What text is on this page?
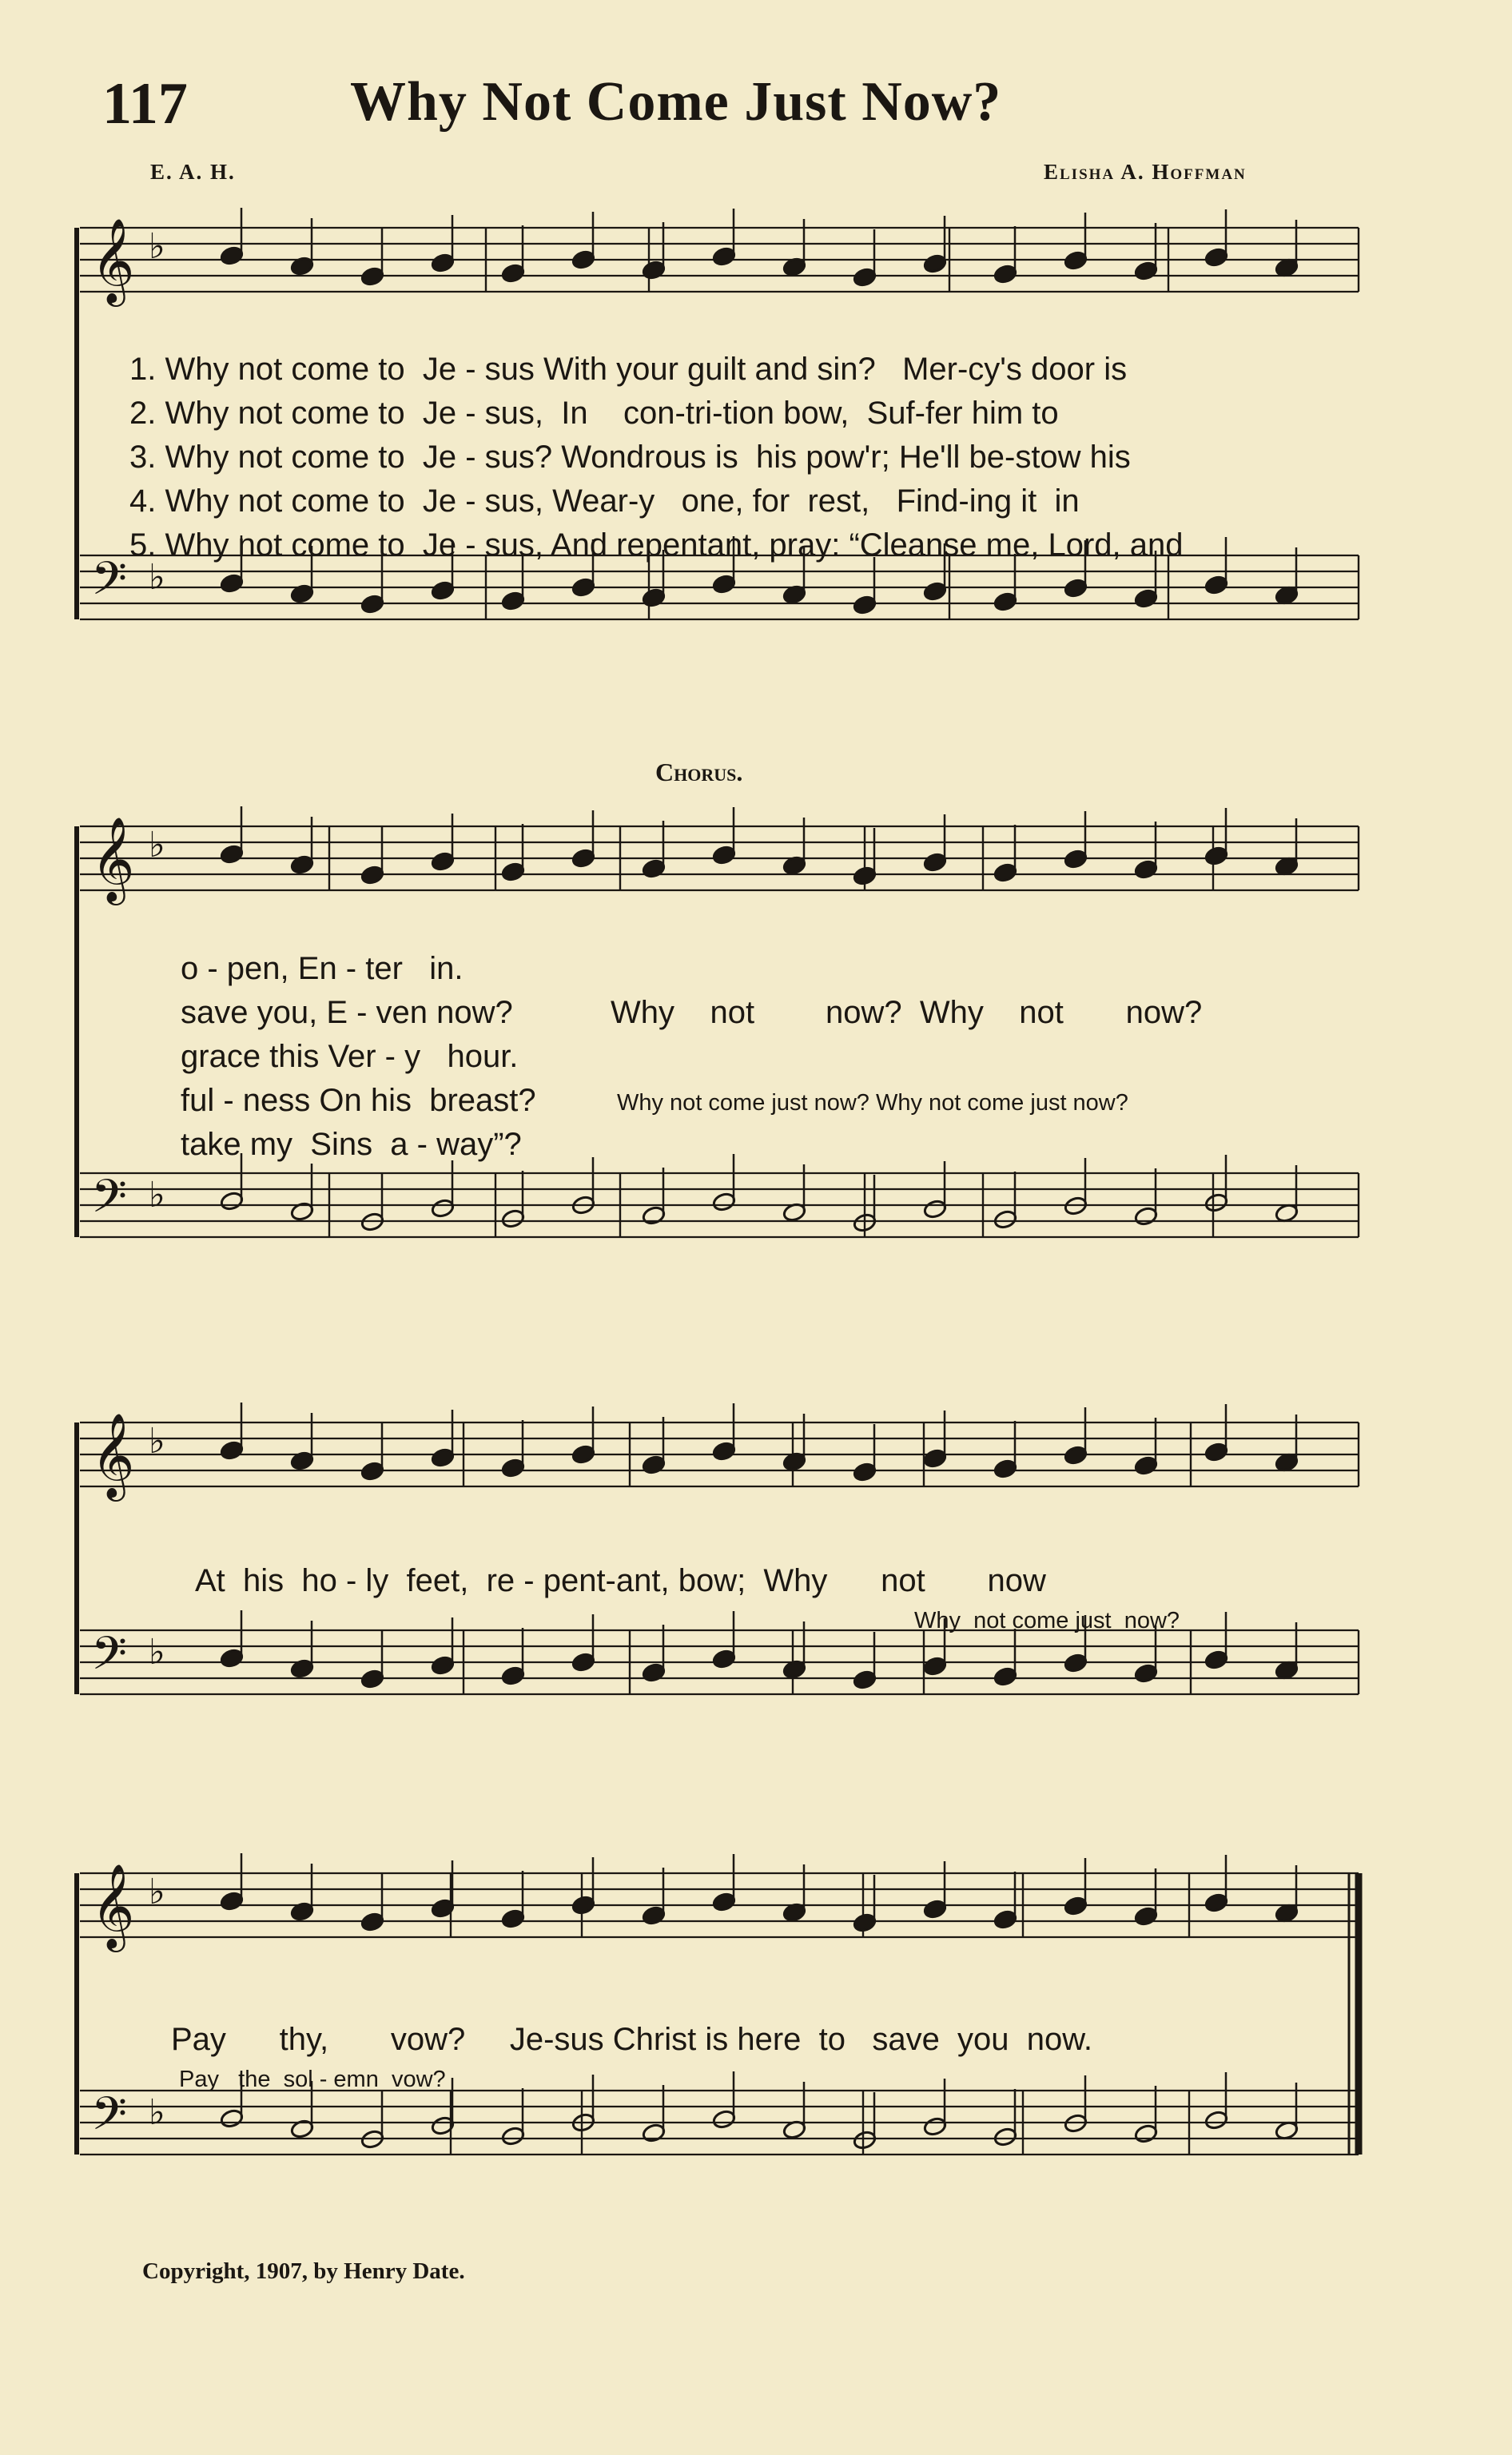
117	Why Not Come Just Now?
E. A. H.	Elisha A. Hoffman
𝄞
𝄢
♭
♭
𝄞
𝄢
♭
♭
𝄞
𝄢
♭
♭
𝄞
𝄢
♭
♭
1. Why not come to  Je - sus With your guilt and sin?   Mer-cy's door is
2. Why not come to  Je - sus,  In    con-tri-tion bow,  Suf-fer him to
3. Why not come to  Je - sus? Wondrous is  his pow'r; He'll be-stow his
4. Why not come to  Je - sus, Wear-y   one, for  rest,   Find-ing it  in
5. Why not come to  Je - sus, And repentant, pray: “Cleanse me, Lord, and
Chorus.
o - pen, En - ter   in.
save you, E - ven now?	Why    not        now?  Why    not       now?
grace this Ver - y   hour.
ful - ness On his  breast?	Why not come just now? Why not come just now?
take my  Sins  a - way”?
At  his  ho - ly  feet,  re - pent-ant, bow;  Why      not       now
Why  not come just  now?
Pay      thy,       vow?     Je-sus Christ is here  to   save  you  now.
Pay   the  sol - emn  vow?
Copyright, 1907, by Henry Date.
